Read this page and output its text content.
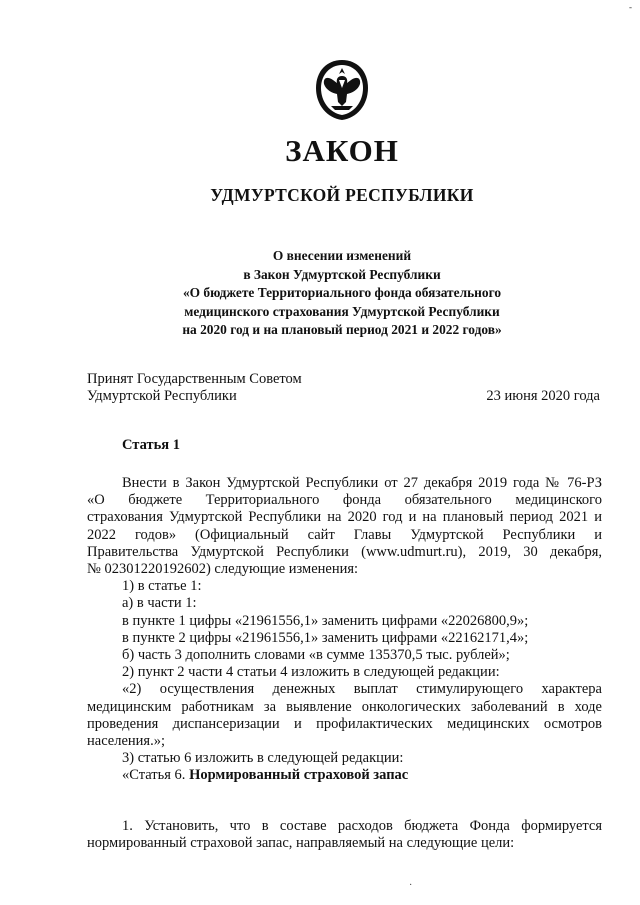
-
ЗАКОН
УДМУРТСКОЙ РЕСПУБЛИКИ
О внесении изменений
в Закон Удмуртской Республики
«О бюджете Территориального фонда обязательного
медицинского страхования Удмуртской Республики
на 2020 год и на плановый период 2021 и 2022 годов»
Принят Государственным Советом
Удмуртской Республики	23 июня 2020 года
Статья 1
Внести в Закон Удмуртской Республики от 27 декабря 2019 года № 76-РЗ
«О бюджете Территориального фонда обязательного медицинского
страхования Удмуртской Республики на 2020 год и на плановый период 2021 и
2022 годов» (Официальный сайт Главы Удмуртской Республики и
Правительства Удмуртской Республики (www.udmurt.ru), 2019, 30 декабря,
№ 02301220192602) следующие изменения:
1) в статье 1:
а) в части 1:
в пункте 1 цифры «21961556,1» заменить цифрами «22026800,9»;
в пункте 2 цифры «21961556,1» заменить цифрами «22162171,4»;
б) часть 3 дополнить словами «в сумме 135370,5 тыс. рублей»;
2) пункт 2 части 4 статьи 4 изложить в следующей редакции:
«2) осуществления денежных выплат стимулирующего характера
медицинским работникам за выявление онкологических заболеваний в ходе
проведения диспансеризации и профилактических медицинских осмотров
населения.»;
3) статью 6 изложить в следующей редакции:
«Статья 6. Нормированный страховой запас
1. Установить, что в составе расходов бюджета Фонда формируется
нормированный страховой запас, направляемый на следующие цели:
·
